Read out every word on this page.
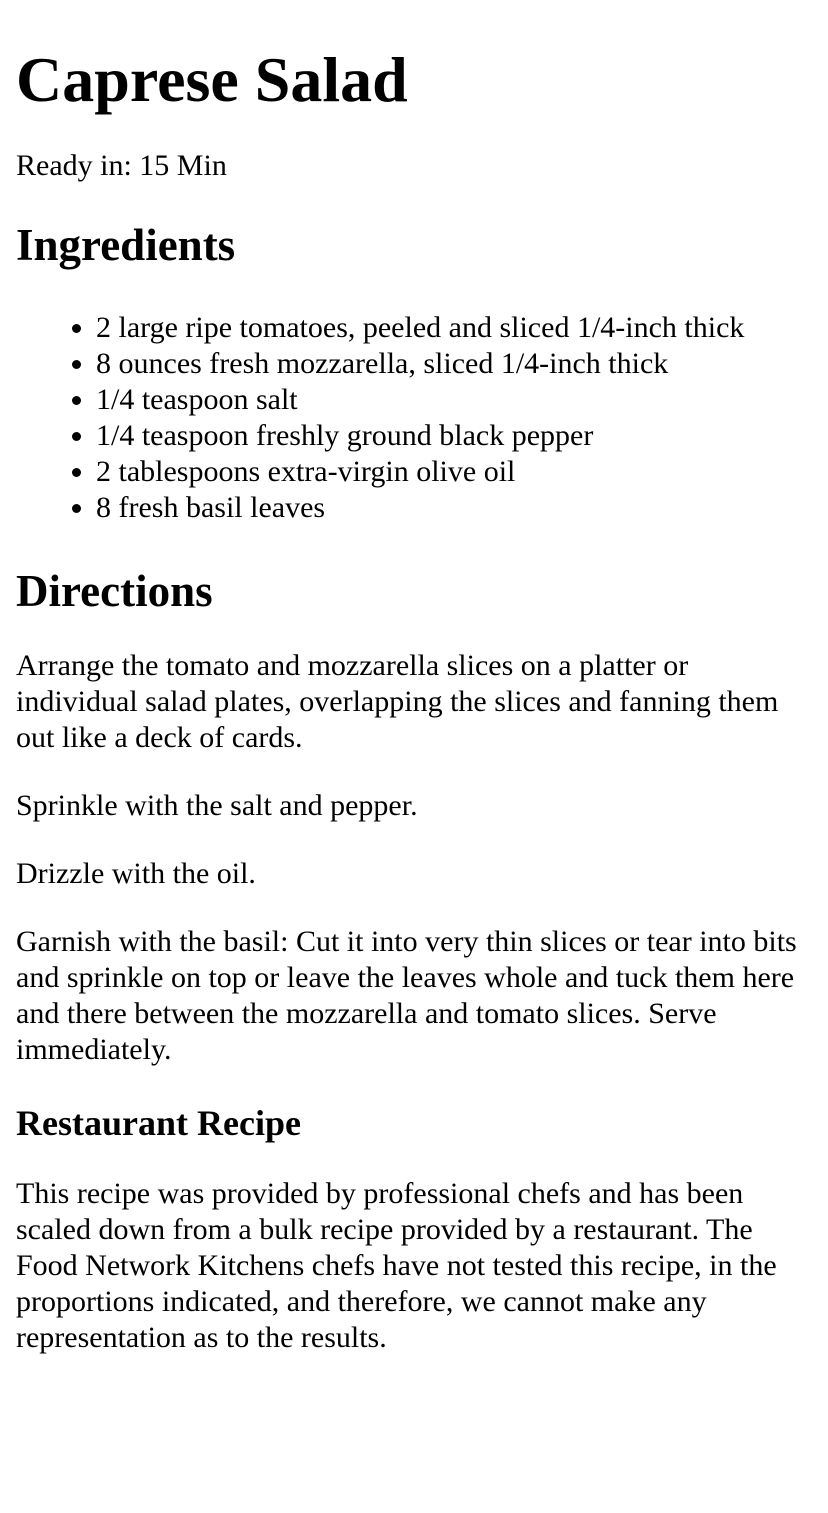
Caprese Salad

Ready in: 15 Min

Ingredients
• 2 large ripe tomatoes, peeled and sliced 1/4-inch thick
• 8 ounces fresh mozzarella, sliced 1/4-inch thick
• 1/4 teaspoon salt
• 1/4 teaspoon freshly ground black pepper
• 2 tablespoons extra-virgin olive oil
• 8 fresh basil leaves
Directions

Arrange the tomato and mozzarella slices on a platter or individual salad plates, overlapping the slices and fanning them out like a deck of cards.

Sprinkle with the salt and pepper.

Drizzle with the oil.

Garnish with the basil: Cut it into very thin slices or tear into bits and sprinkle on top or leave the leaves whole and tuck them here and there between the mozzarella and tomato slices. Serve immediately.

Restaurant Recipe

This recipe was provided by professional chefs and has been scaled down from a bulk recipe provided by a restaurant. The Food Network Kitchens chefs have not tested this recipe, in the proportions indicated, and therefore, we cannot make any representation as to the results.
